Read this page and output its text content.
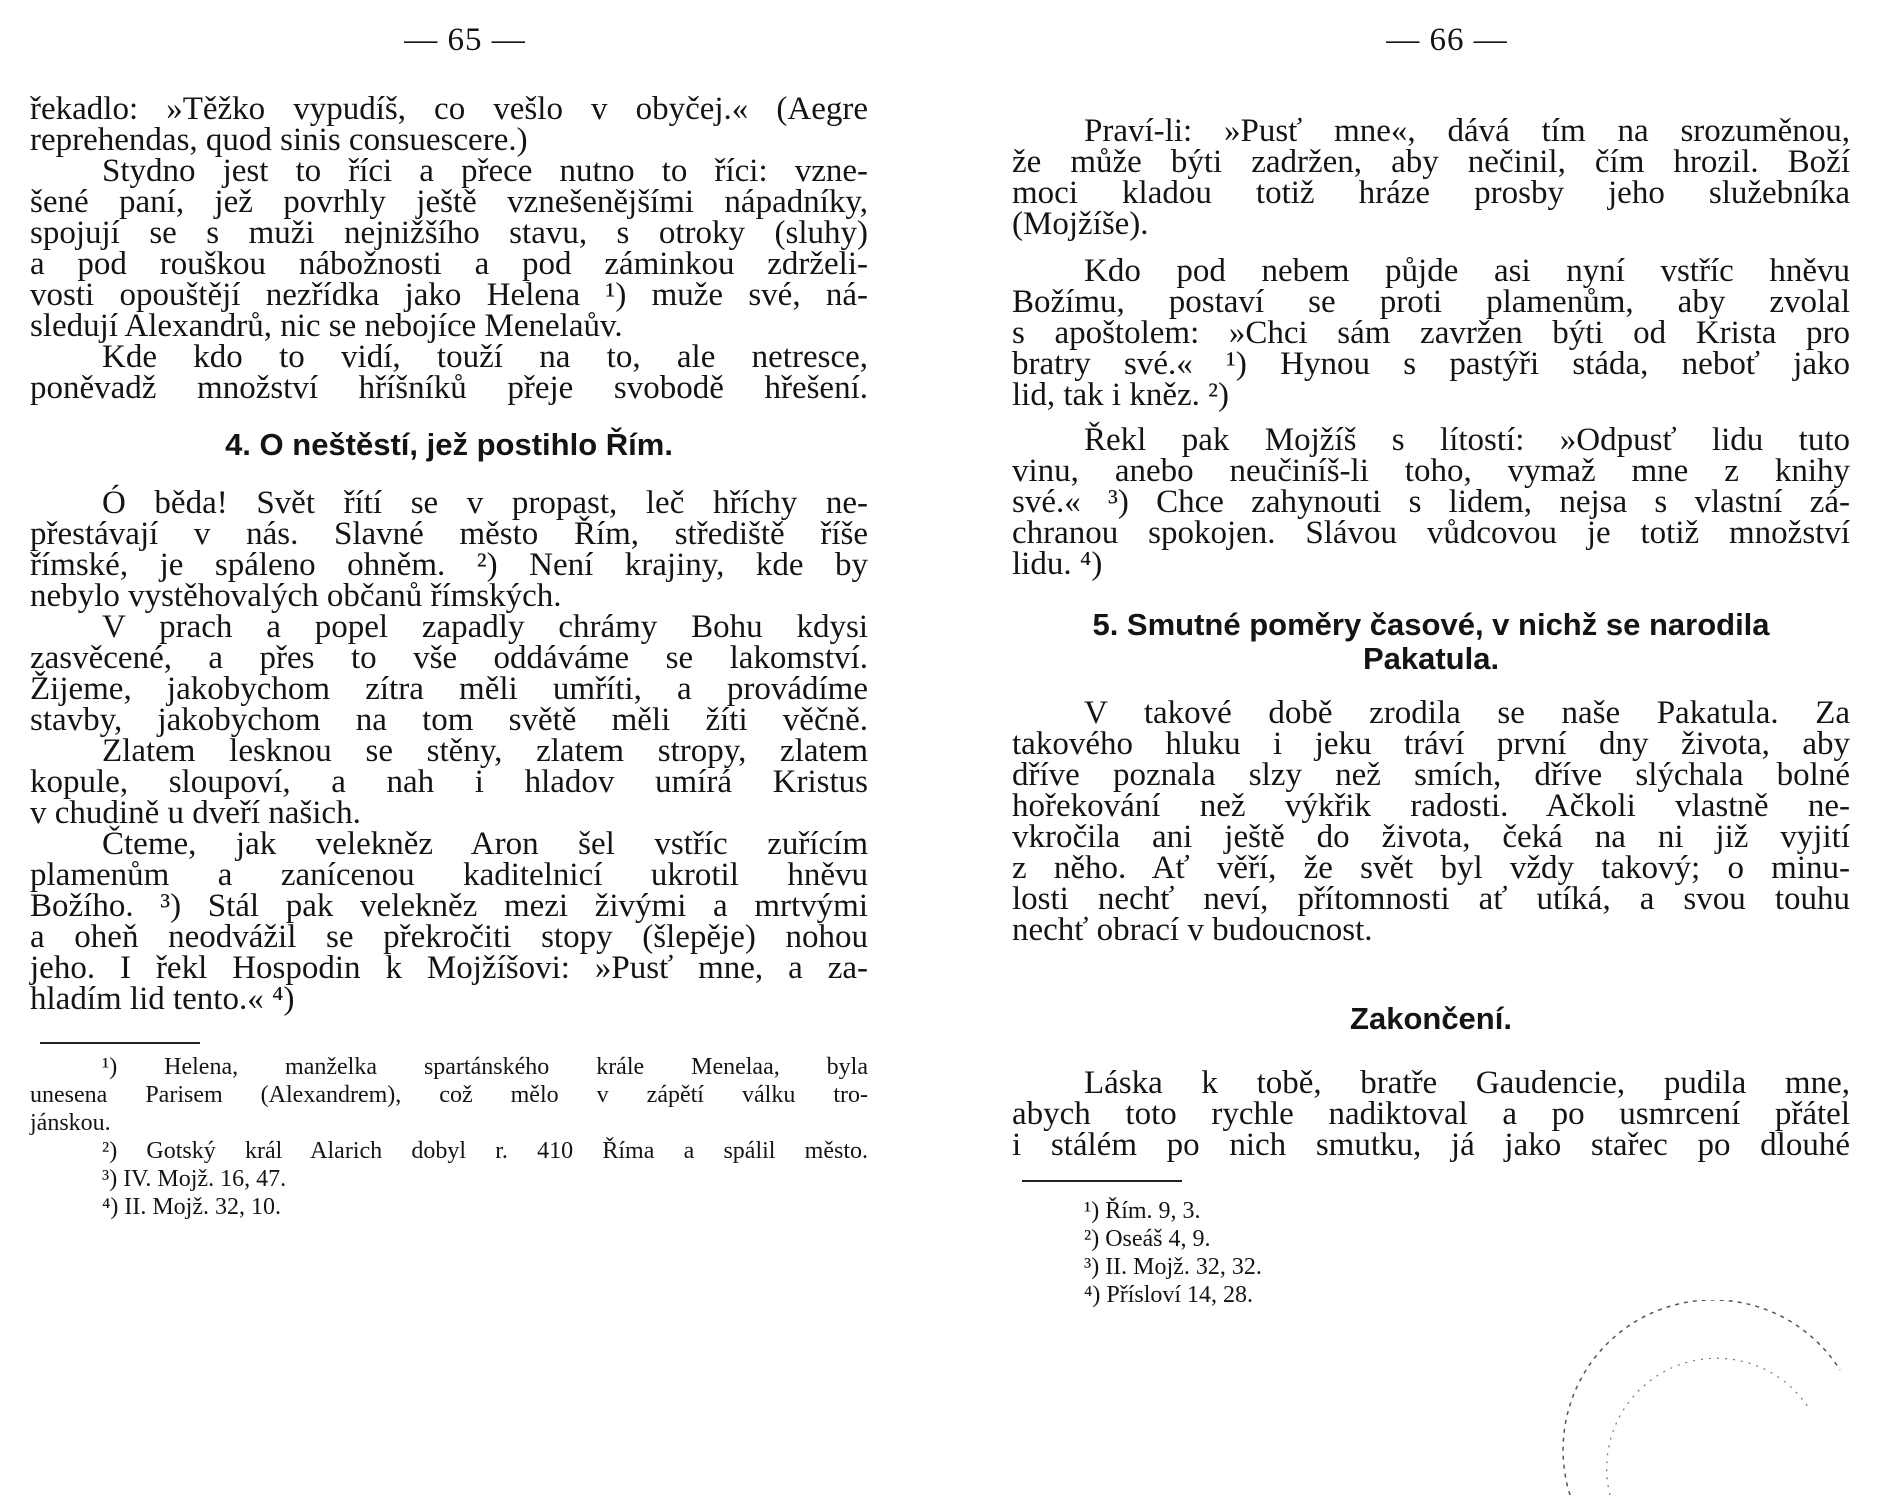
— 65 —
řekadlo: »Těžko vypudíš, co vešlo v obyčej.« (Aegre
reprehendas, quod sinis consuescere.)
Stydno jest to říci a přece nutno to říci: vzne-
šené paní, jež povrhly ještě vznešenějšími nápadníky,
spojují se s muži nejnižšího stavu, s otroky (sluhy)
a pod rouškou nábožnosti a pod záminkou zdrželi-
vosti opouštějí nezřídka jako Helena ¹) muže své, ná-
sledují Alexandrů, nic se nebojíce Menelaův.
Kde kdo to vidí, touží na to, ale netresce,
poněvadž množství hříšníků přeje svobodě hřešení.
4. O neštěstí, jež postihlo Řím.
Ó běda! Svět řítí se v propast, leč hříchy ne-
přestávají v nás. Slavné město Řím, střediště říše
římské, je spáleno ohněm. ²) Není krajiny, kde by
nebylo vystěhovalých občanů římských.
V prach a popel zapadly chrámy Bohu kdysi
zasvěcené, a přes to vše oddáváme se lakomství.
Žijeme, jakobychom zítra měli umříti, a provádíme
stavby, jakobychom na tom světě měli žíti věčně.
Zlatem lesknou se stěny, zlatem stropy, zlatem
kopule, sloupoví, a nah i hladov umírá Kristus
v chudině u dveří našich.
Čteme, jak velekněz Aron šel vstříc zuřícím
plamenům a zanícenou kaditelnicí ukrotil hněvu
Božího. ³) Stál pak velekněz mezi živými a mrtvými
a oheň neodvážil se překročiti stopy (šlepěje) nohou
jeho. I řekl Hospodin k Mojžíšovi: »Pusť mne, a za-
hladím lid tento.« ⁴)
¹) Helena, manželka spartánského krále Menelaa, byla
unesena Parisem (Alexandrem), což mělo v zápětí válku tro-
jánskou.
²) Gotský král Alarich dobyl r. 410 Říma a spálil město.
³) IV. Mojž. 16, 47.
⁴) II. Mojž. 32, 10.
— 66 —
Praví-li: »Pusť mne«, dává tím na srozuměnou,
že může býti zadržen, aby nečinil, čím hrozil. Boží
moci kladou totiž hráze prosby jeho služebníka
(Mojžíše).
Kdo pod nebem půjde asi nyní vstříc hněvu
Božímu, postaví se proti plamenům, aby zvolal
s apoštolem: »Chci sám zavržen býti od Krista pro
bratry své.« ¹) Hynou s pastýři stáda, neboť jako
lid, tak i kněz. ²)
Řekl pak Mojžíš s lítostí: »Odpusť lidu tuto
vinu, anebo neučiníš-li toho, vymaž mne z knihy
své.« ³) Chce zahynouti s lidem, nejsa s vlastní zá-
chranou spokojen. Slávou vůdcovou je totiž množství
lidu. ⁴)
5. Smutné poměry časové, v nichž se narodila
Pakatula.
V takové době zrodila se naše Pakatula. Za
takového hluku i jeku tráví první dny života, aby
dříve poznala slzy než smích, dříve slýchala bolné
hořekování než výkřik radosti. Ačkoli vlastně ne-
vkročila ani ještě do života, čeká na ni již vyjití
z něho. Ať věří, že svět byl vždy takový; o minu-
losti nechť neví, přítomnosti ať utíká, a svou touhu
nechť obrací v budoucnost.
Zakončení.
Láska k tobě, bratře Gaudencie, pudila mne,
abych toto rychle nadiktoval a po usmrcení přátel
i stálém po nich smutku, já jako stařec po dlouhé
¹) Řím. 9, 3.
²) Oseáš 4, 9.
³) II. Mojž. 32, 32.
⁴) Přísloví 14, 28.
